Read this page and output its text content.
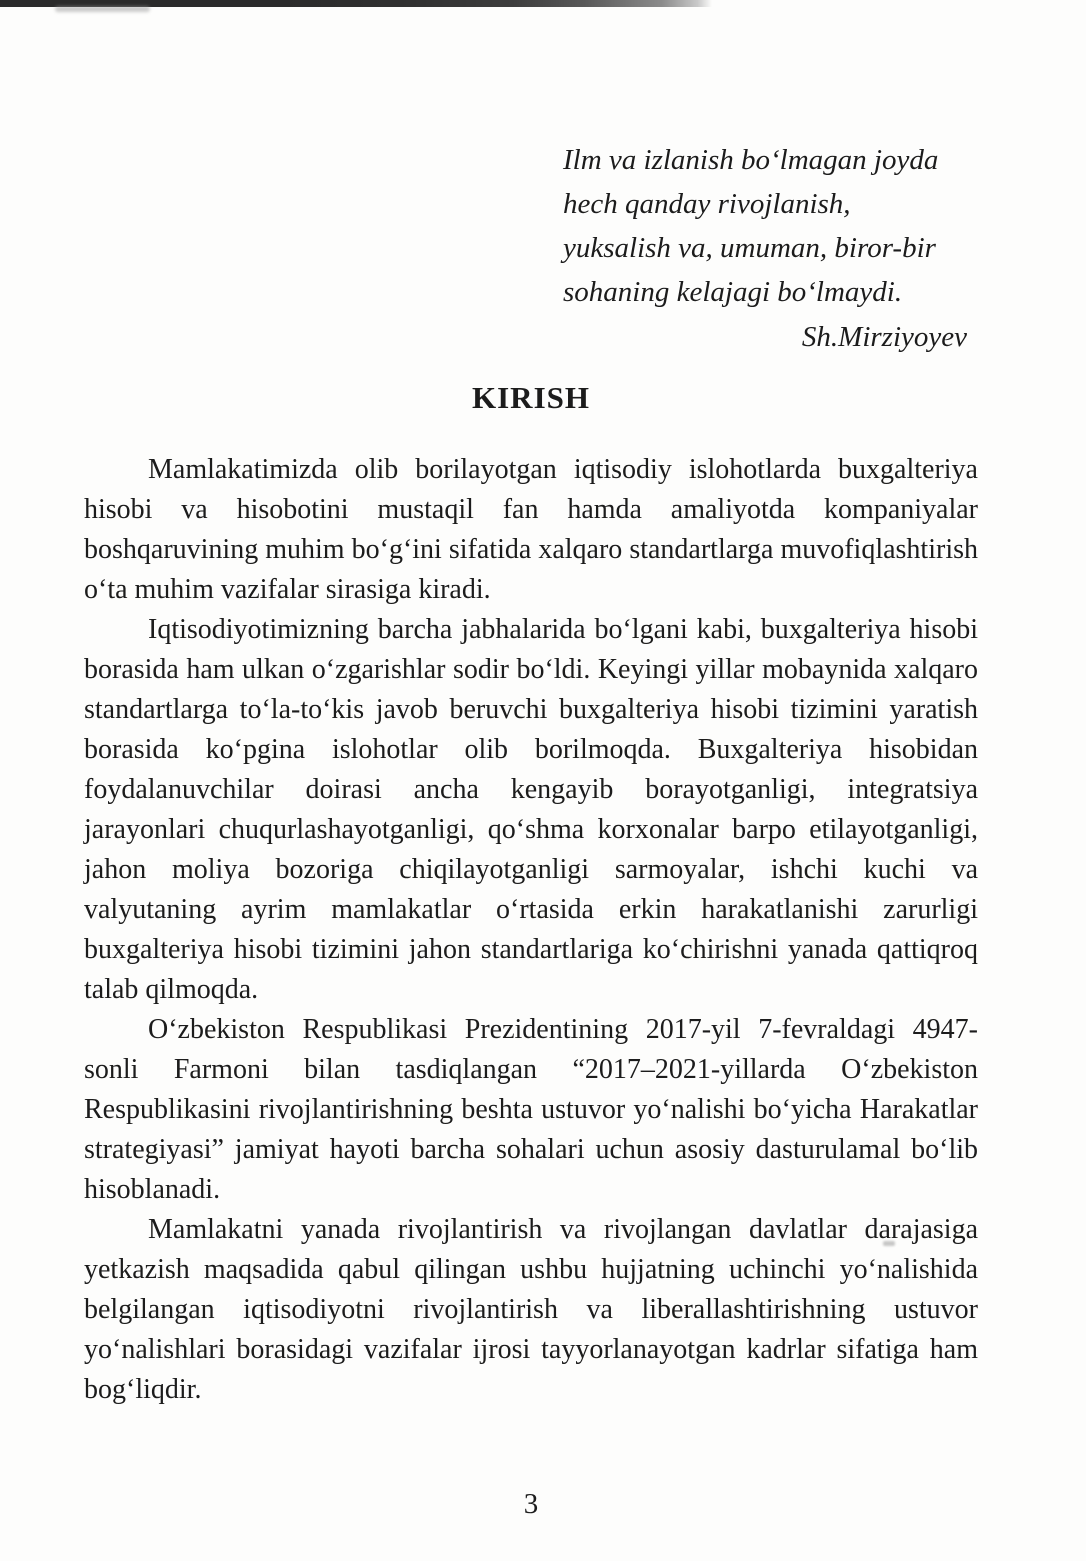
Ilm va izlanish bo‘lmagan joyda
hech qanday rivojlanish,
yuksalish va, umuman, biror-bir
sohaning kelajagi bo‘lmaydi.
Sh.Mirziyoyev
KIRISH

Mamlakatimizda olib borilayotgan iqtisodiy islohotlarda buxgalteriya hisobi va hisobotini mustaqil fan hamda amaliyotda kompaniyalar boshqaruvining muhim bo‘g‘ini sifatida xalqaro standartlarga muvofiqlashtirish o‘ta muhim vazifalar sirasiga kiradi.

Iqtisodiyotimizning barcha jabhalarida bo‘lgani kabi, buxgalteriya hisobi borasida ham ulkan o‘zgarishlar sodir bo‘ldi. Keyingi yillar mobaynida xalqaro standartlarga to‘la-to‘kis javob beruvchi buxgalteriya hisobi tizimini yaratish borasida ko‘pgina islohotlar olib borilmoqda. Buxgalteriya hisobidan foydalanuvchilar doirasi ancha kengayib borayotganligi, integratsiya jarayonlari chuqurlashayotganligi, qo‘shma korxonalar barpo etilayotganligi, jahon moliya bozoriga chiqilayotganligi sarmoyalar, ishchi kuchi va valyutaning ayrim mamlakatlar o‘rtasida erkin harakatlanishi zarurligi buxgalteriya hisobi tizimini jahon standartlariga ko‘chirishni yanada qattiqroq talab qilmoqda.

O‘zbekiston Respublikasi Prezidentining 2017-yil 7-fevraldagi 4947-sonli Farmoni bilan tasdiqlangan “2017–2021-yillarda O‘zbekiston Respublikasini rivojlantirishning beshta ustuvor yo‘nalishi bo‘yicha Harakatlar strategiyasi” jamiyat hayoti barcha sohalari uchun asosiy dasturulamal bo‘lib hisoblanadi.

Mamlakatni yanada rivojlantirish va rivojlangan davlatlar darajasiga yetkazish maqsadida qabul qilingan ushbu hujjatning uchinchi yo‘nalishida belgilangan iqtisodiyotni rivojlantirish va liberallashtirishning ustuvor yo‘nalishlari borasidagi vazifalar ijrosi tayyorlanayotgan kadrlar sifatiga ham bog‘liqdir.

3
